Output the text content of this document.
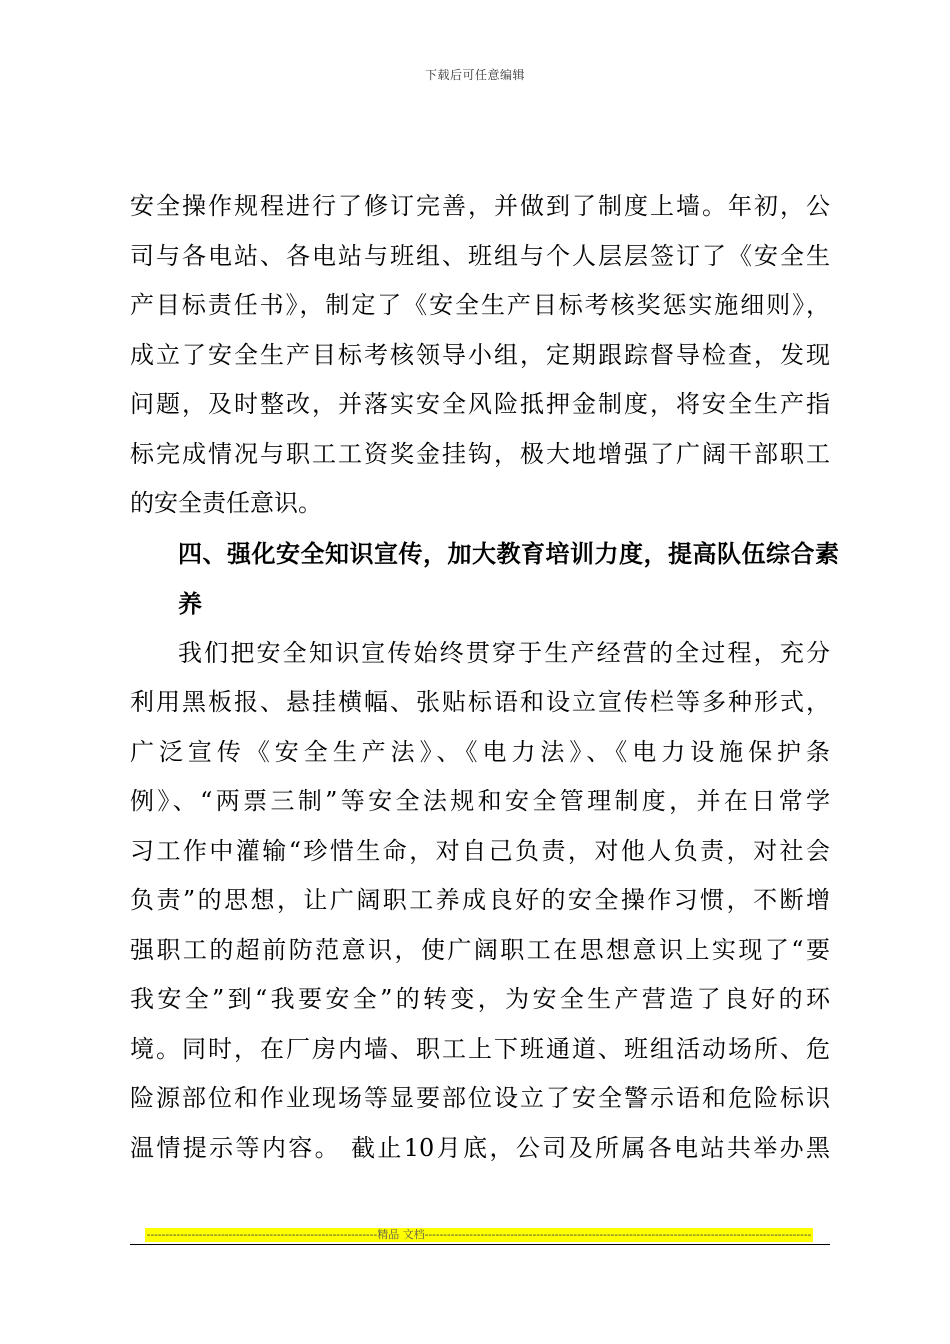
下载后可任意编辑
安全操作规程进行了修订完善，并做到了制度上墙。年初，公
司与各电站、各电站与班组、班组与个人层层签订了《安全生
产目标责任书》，制定了《安全生产目标考核奖惩实施细则》，
成立了安全生产目标考核领导小组，定期跟踪督导检查，发现
问题，及时整改，并落实安全风险抵押金制度，将安全生产指
标完成情况与职工工资奖金挂钩，极大地增强了广阔干部职工
的安全责任意识。
四、强化安全知识宣传，加大教育培训力度，提高队伍综合素
养
我们把安全知识宣传始终贯穿于生产经营的全过程，充分
利用黑板报、悬挂横幅、张贴标语和设立宣传栏等多种形式，
广泛宣传《安全生产法》、《电力法》、《电力设施保护条
例》、“两票三制”等安全法规和安全管理制度，并在日常学
习工作中灌输“珍惜生命，对自己负责，对他人负责，对社会
负责”的思想，让广阔职工养成良好的安全操作习惯，不断增
强职工的超前防范意识，使广阔职工在思想意识上实现了“要
我安全”到“我要安全”的转变，为安全生产营造了良好的环
境。同时，在厂房内墙、职工上下班通道、班组活动场所、危
险源部位和作业现场等显要部位设立了安全警示语和危险标识
温情提示等内容。 截止10月底，公司及所属各电站共举办黑
--------------------------------------------------------------精品 文档--------------------------------------------------------------------------------------------------------
